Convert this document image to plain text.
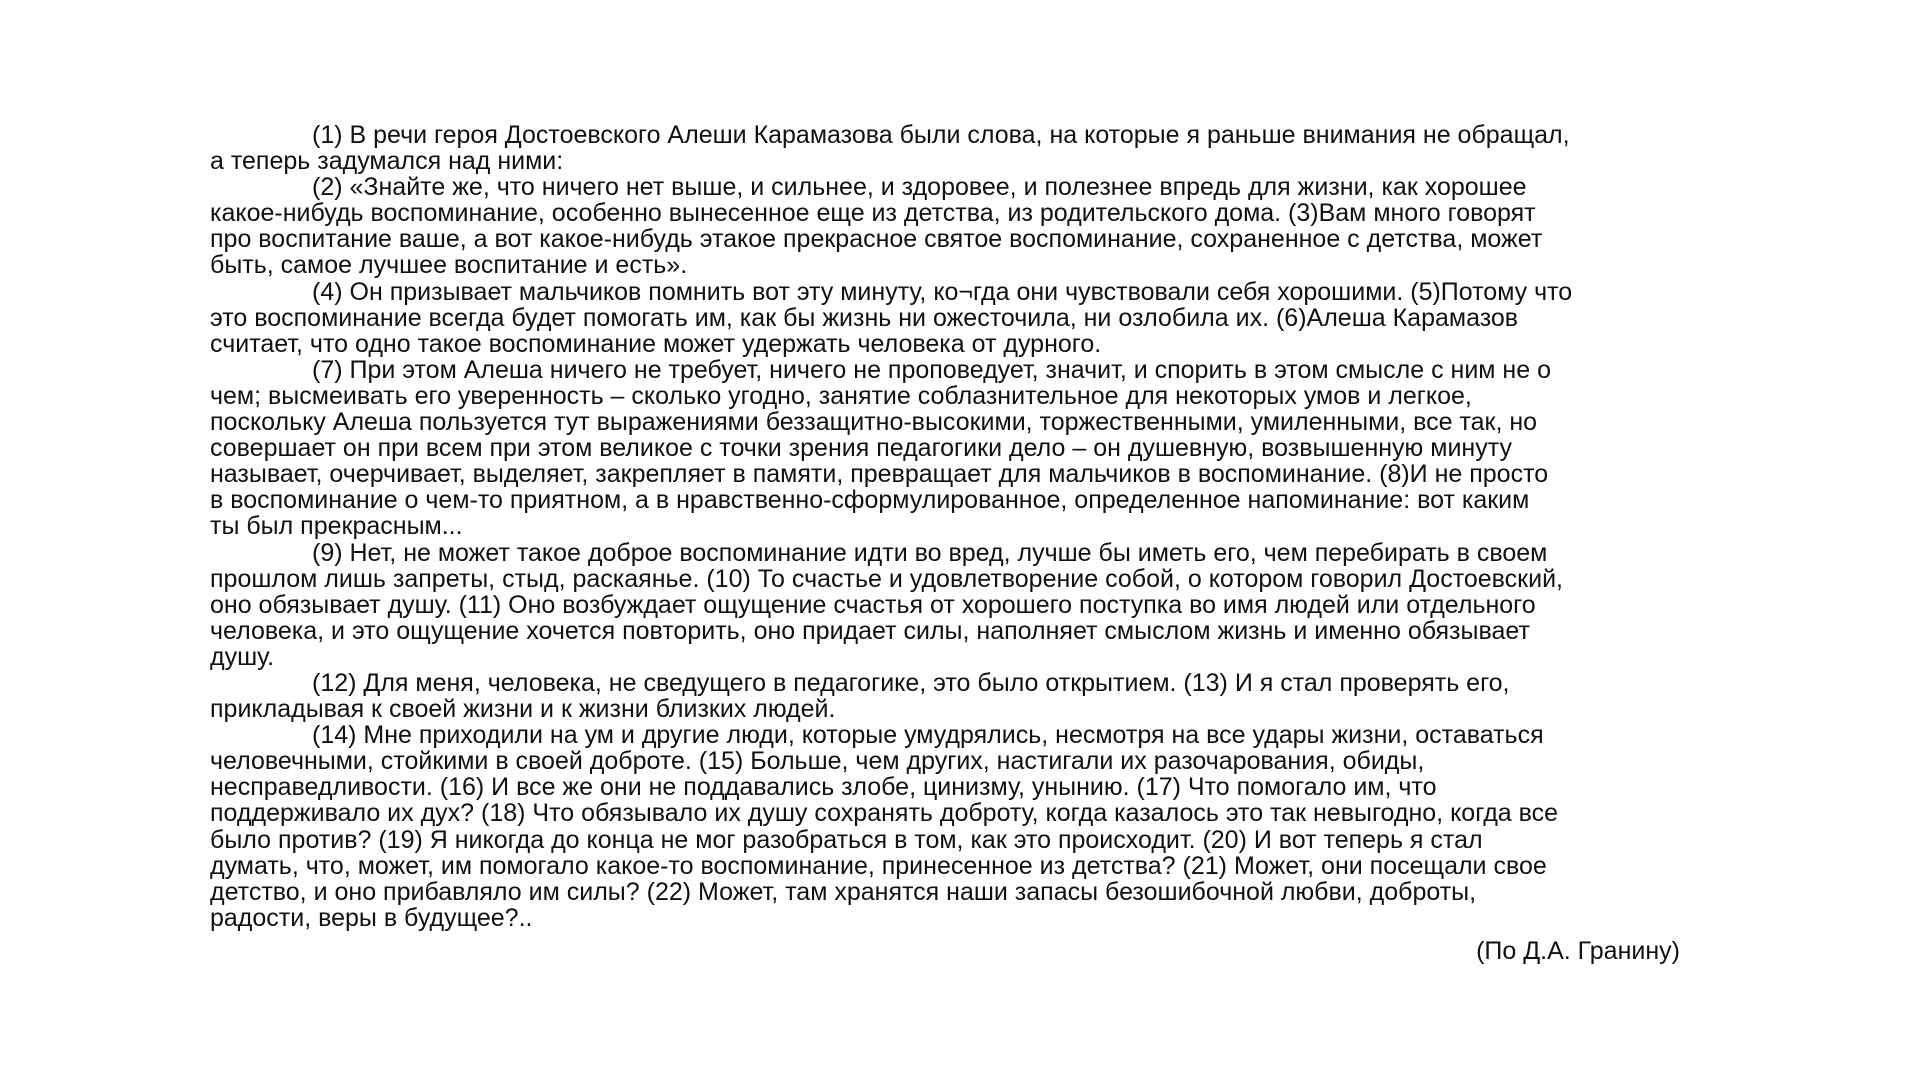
(1) В речи героя Достоевского Алеши Карамазова были слова, на которые я раньше внимания не обращал,
а теперь задумался над ними:
(2) «Знайте же, что ничего нет выше, и сильнее, и здоровее, и полезнее впредь для жизни, как хорошее
какое-нибудь воспоминание, особенно вынесенное еще из детства, из родительского дома. (3)Вам много говорят
про воспитание ваше, а вот какое-нибудь этакое прекрасное святое воспоминание, сохраненное с детства, может
быть, самое лучшее воспитание и есть».
(4) Он призывает мальчиков помнить вот эту минуту, ко¬гда они чувствовали себя хорошими. (5)Потому что
это воспоминание всегда будет помогать им, как бы жизнь ни ожесточила, ни озлобила их. (6)Алеша Карамазов
считает, что одно такое воспоминание может удержать человека от дурного.
(7) При этом Алеша ничего не требует, ничего не проповедует, значит, и спорить в этом смысле с ним не о
чем; высмеивать его уверенность – сколько угодно, занятие соблазнительное для некоторых умов и легкое,
поскольку Алеша пользуется тут выражениями беззащитно-высокими, торжественными, умиленными, все так, но
совершает он при всем при этом великое с точки зрения педагогики дело – он душевную, возвышенную минуту
называет, очерчивает, выделяет, закрепляет в памяти, превращает для мальчиков в воспоминание. (8)И не просто
в воспоминание о чем-то приятном, а в нравственно-сформулированное, определенное напоминание: вот каким
ты был прекрасным...
(9) Нет, не может такое доброе воспоминание идти во вред, лучше бы иметь его, чем перебирать в своем
прошлом лишь запреты, стыд, раскаянье. (10) То счастье и удовлетворение собой, о котором говорил Достоевский,
оно обязывает душу. (11) Оно возбуждает ощущение счастья от хорошего поступка во имя людей или отдельного
человека, и это ощущение хочется повторить, оно придает силы, наполняет смыслом жизнь и именно обязывает
душу.
(12) Для меня, человека, не сведущего в педагогике, это было открытием. (13) И я стал проверять его,
прикладывая к своей жизни и к жизни близких людей.
(14) Мне приходили на ум и другие люди, которые умудрялись, несмотря на все удары жизни, оставаться
человечными, стойкими в своей доброте. (15) Больше, чем других, настигали их разочарования, обиды,
несправедливости. (16) И все же они не поддавались злобе, цинизму, унынию. (17) Что помогало им, что
поддерживало их дух? (18) Что обязывало их душу сохранять доброту, когда казалось это так невыгодно, когда все
было против? (19) Я никогда до конца не мог разобраться в том, как это происходит. (20) И вот теперь я стал
думать, что, может, им помогало какое-то воспоминание, принесенное из детства? (21) Может, они посещали свое
детство, и оно прибавляло им силы? (22) Может, там хранятся наши запасы безошибочной любви, доброты,
радости, веры в будущее?..
(По Д.А. Гранину)
